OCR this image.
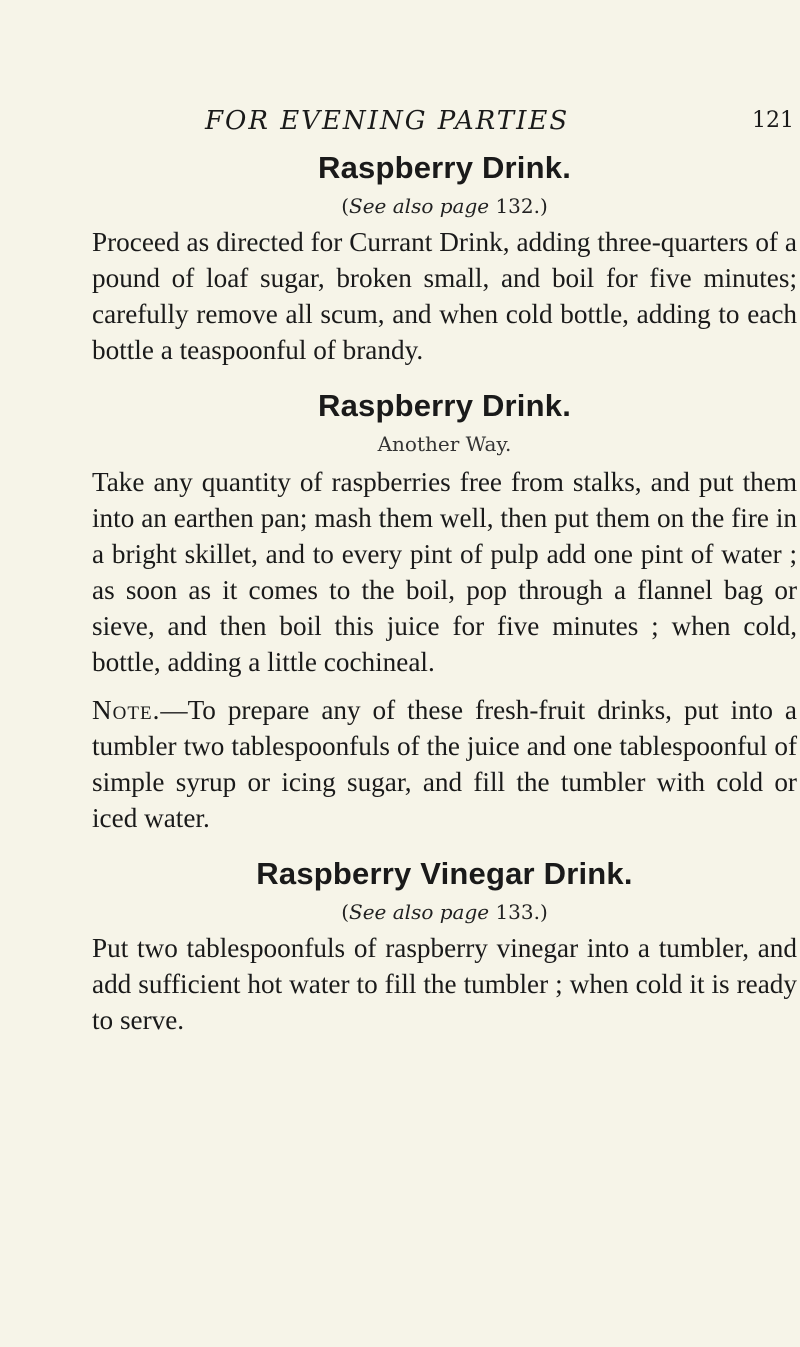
FOR EVENING PARTIES	121
Raspberry Drink.
(See also page 132.)

Proceed as directed for Currant Drink, adding three-quarters of a pound of loaf sugar, broken small, and boil for five minutes; carefully remove all scum, and when cold bottle, adding to each bottle a teaspoonful of brandy.

Raspberry Drink.
Another Way.

Take any quantity of raspberries free from stalks, and put them into an earthen pan; mash them well, then put them on the fire in a bright skillet, and to every pint of pulp add one pint of water ; as soon as it comes to the boil, pop through a flannel bag or sieve, and then boil this juice for five minutes ; when cold, bottle, adding a little cochineal.

Note.—To prepare any of these fresh-fruit drinks, put into a tumbler two tablespoonfuls of the juice and one tablespoonful of simple syrup or icing sugar, and fill the tumbler with cold or iced water.

Raspberry Vinegar Drink.
(See also page 133.)

Put two tablespoonfuls of raspberry vinegar into a tumbler, and add sufficient hot water to fill the tumbler ; when cold it is ready to serve.
